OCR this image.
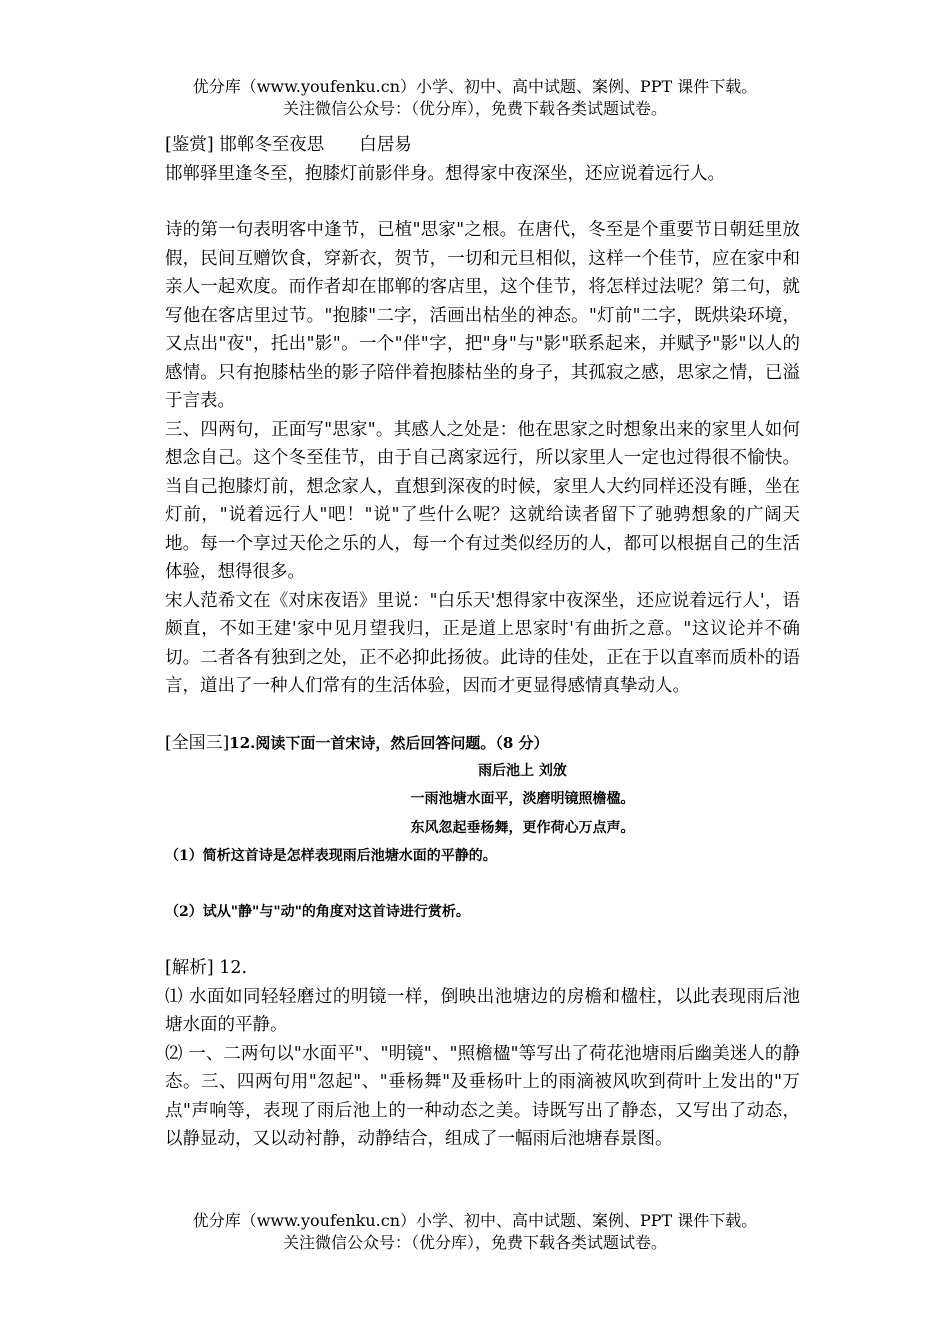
优分库（www.youfenku.cn）小学、初中、高中试题、案例、PPT 课件下载。
关注微信公众号：（优分库），免费下载各类试题试卷。

[鉴赏] 邯郸冬至夜思　　白居易

邯郸驿里逢冬至，抱膝灯前影伴身。想得家中夜深坐，还应说着远行人。

诗的第一句表明客中逢节，已植"思家"之根。在唐代，冬至是个重要节日朝廷里放假，民间互赠饮食，穿新衣，贺节，一切和元旦相似，这样一个佳节，应在家中和亲人一起欢度。而作者却在邯郸的客店里，这个佳节，将怎样过法呢？第二句，就写他在客店里过节。"抱膝"二字，活画出枯坐的神态。"灯前"二字，既烘染环境，又点出"夜"，托出"影"。一个"伴"字，把"身"与"影"联系起来，并赋予"影"以人的感情。只有抱膝枯坐的影子陪伴着抱膝枯坐的身子，其孤寂之感，思家之情，已溢于言表。

三、四两句，正面写"思家"。其感人之处是：他在思家之时想象出来的家里人如何想念自己。这个冬至佳节，由于自己离家远行，所以家里人一定也过得很不愉快。当自己抱膝灯前，想念家人，直想到深夜的时候，家里人大约同样还没有睡，坐在灯前，"说着远行人"吧！"说"了些什么呢？这就给读者留下了驰骋想象的广阔天地。每一个享过天伦之乐的人，每一个有过类似经历的人，都可以根据自己的生活体验，想得很多。

宋人范希文在《对床夜语》里说："白乐天'想得家中夜深坐，还应说着远行人'，语颇直，不如王建'家中见月望我归，正是道上思家时'有曲折之意。"这议论并不确切。二者各有独到之处，正不必抑此扬彼。此诗的佳处，正在于以直率而质朴的语言，道出了一种人们常有的生活体验，因而才更显得感情真挚动人。

[全国三]12.阅读下面一首宋诗，然后回答问题。（8 分）

雨后池上 刘攽

一雨池塘水面平，淡磨明镜照檐楹。

东风忽起垂杨舞，更作荷心万点声。

（1）简析这首诗是怎样表现雨后池塘水面的平静的。

（2）试从"静"与"动"的角度对这首诗进行赏析。

[解析] 12.

⑴ 水面如同轻轻磨过的明镜一样，倒映出池塘边的房檐和楹柱，以此表现雨后池塘水面的平静。

⑵ 一、二两句以"水面平"、"明镜"、"照檐楹"等写出了荷花池塘雨后幽美迷人的静态。三、四两句用"忽起"、"垂杨舞"及垂杨叶上的雨滴被风吹到荷叶上发出的"万点"声响等，表现了雨后池上的一种动态之美。诗既写出了静态，又写出了动态，以静显动，又以动衬静，动静结合，组成了一幅雨后池塘春景图。

优分库（www.youfenku.cn）小学、初中、高中试题、案例、PPT 课件下载。
关注微信公众号：（优分库），免费下载各类试题试卷。
